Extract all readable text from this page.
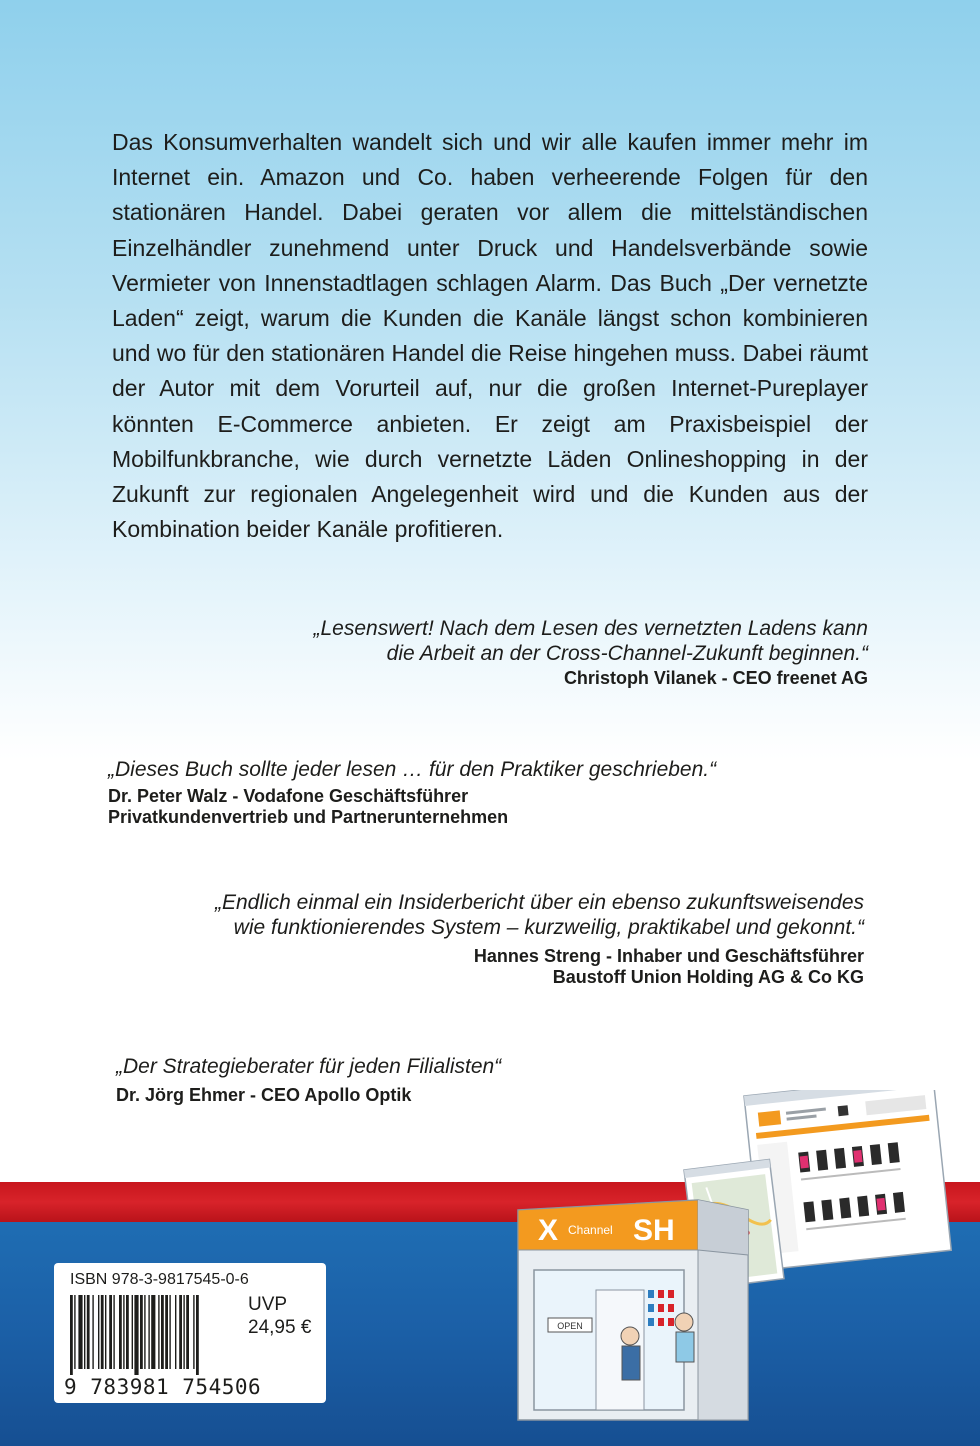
Das Konsumverhalten wandelt sich und wir alle kaufen immer mehr im Internet ein. Amazon und Co. haben verheerende Folgen für den stationären Handel. Dabei geraten vor allem die mittelständischen Einzelhändler zunehmend unter Druck und Handelsverbände sowie Vermieter von Innenstadtlagen schlagen Alarm. Das Buch „Der vernetzte Laden“ zeigt, warum die Kunden die Kanäle längst schon kombinieren und wo für den stationären Handel die Reise hingehen muss. Dabei räumt der Autor mit dem Vorurteil auf, nur die großen Internet-Pureplayer könnten E-Commerce anbieten. Er zeigt am Praxisbeispiel der Mobilfunkbranche, wie durch vernetzte Läden Onlineshopping in der Zukunft zur regionalen Angelegenheit wird und die Kunden aus der Kombination beider Kanäle profitieren.

„Lesenswert! Nach dem Lesen des vernetzten Ladens kann

die Arbeit an der Cross-Channel-Zukunft beginnen.“

Christoph Vilanek - CEO freenet AG

„Dieses Buch sollte jeder lesen … für den Praktiker geschrieben.“

Dr. Peter Walz - Vodafone Geschäftsführer

Privatkundenvertrieb und Partnerunternehmen

„Endlich einmal ein Insiderbericht über ein ebenso zukunftsweisendes

wie funktionierendes System – kurzweilig, praktikabel und gekonnt.“

Hannes Streng - Inhaber und Geschäftsführer

Baustoff Union Holding AG & Co KG

„Der Strategieberater für jeden Filialisten“

Dr. Jörg Ehmer - CEO Apollo Optik

ISBN 978-3-9817545-0-6
9 783981 754506
UVP
24,95 €	OPEN
X Channel SH
